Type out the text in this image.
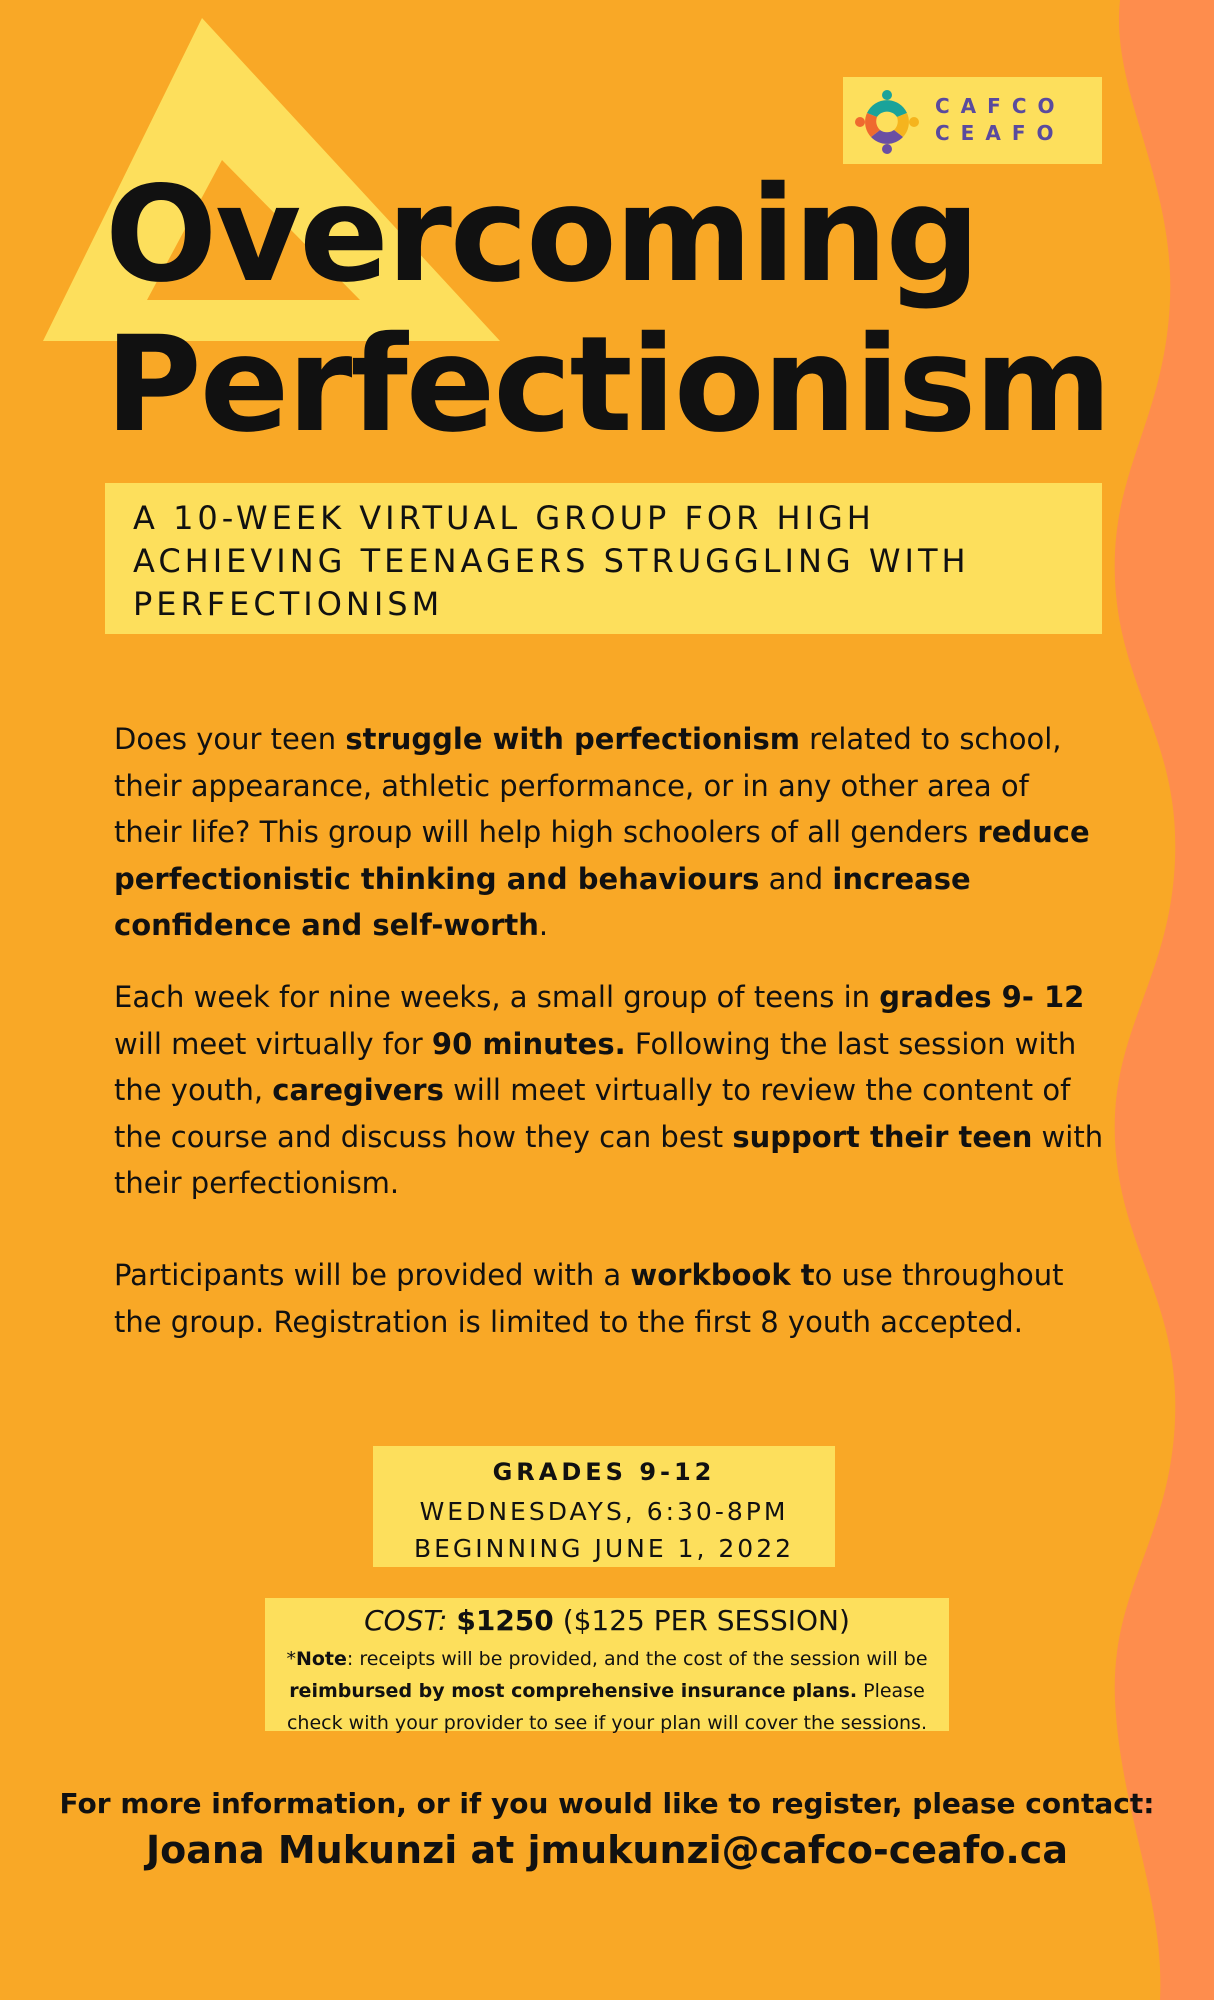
CAFCO
CEAFO
Overcoming
Perfectionism

A 10-WEEK VIRTUAL GROUP FOR HIGH ACHIEVING TEENAGERS STRUGGLING WITH PERFECTIONISM

Does your teen struggle with perfectionism related to school, their appearance, athletic performance, or in any other area of their life? This group will help high schoolers of all genders reduce perfectionistic thinking and behaviours and increase confidence and self-worth.

Each week for nine weeks, a small group of teens in grades 9- 12 will meet virtually for 90 minutes. Following the last session with the youth, caregivers will meet virtually to review the content of the course and discuss how they can best support their teen with their perfectionism.

Participants will be provided with a workbook to use throughout the group. Registration is limited to the first 8 youth accepted.

GRADES 9-12
WEDNESDAYS, 6:30-8PM
BEGINNING JUNE 1, 2022
COST: $1250 ($125 PER SESSION)
*Note: receipts will be provided, and the cost of the session will be reimbursed by most comprehensive insurance plans. Please check with your provider to see if your plan will cover the sessions.
For more information, or if you would like to register, please contact:
Joana Mukunzi at jmukunzi@cafco-ceafo.ca
